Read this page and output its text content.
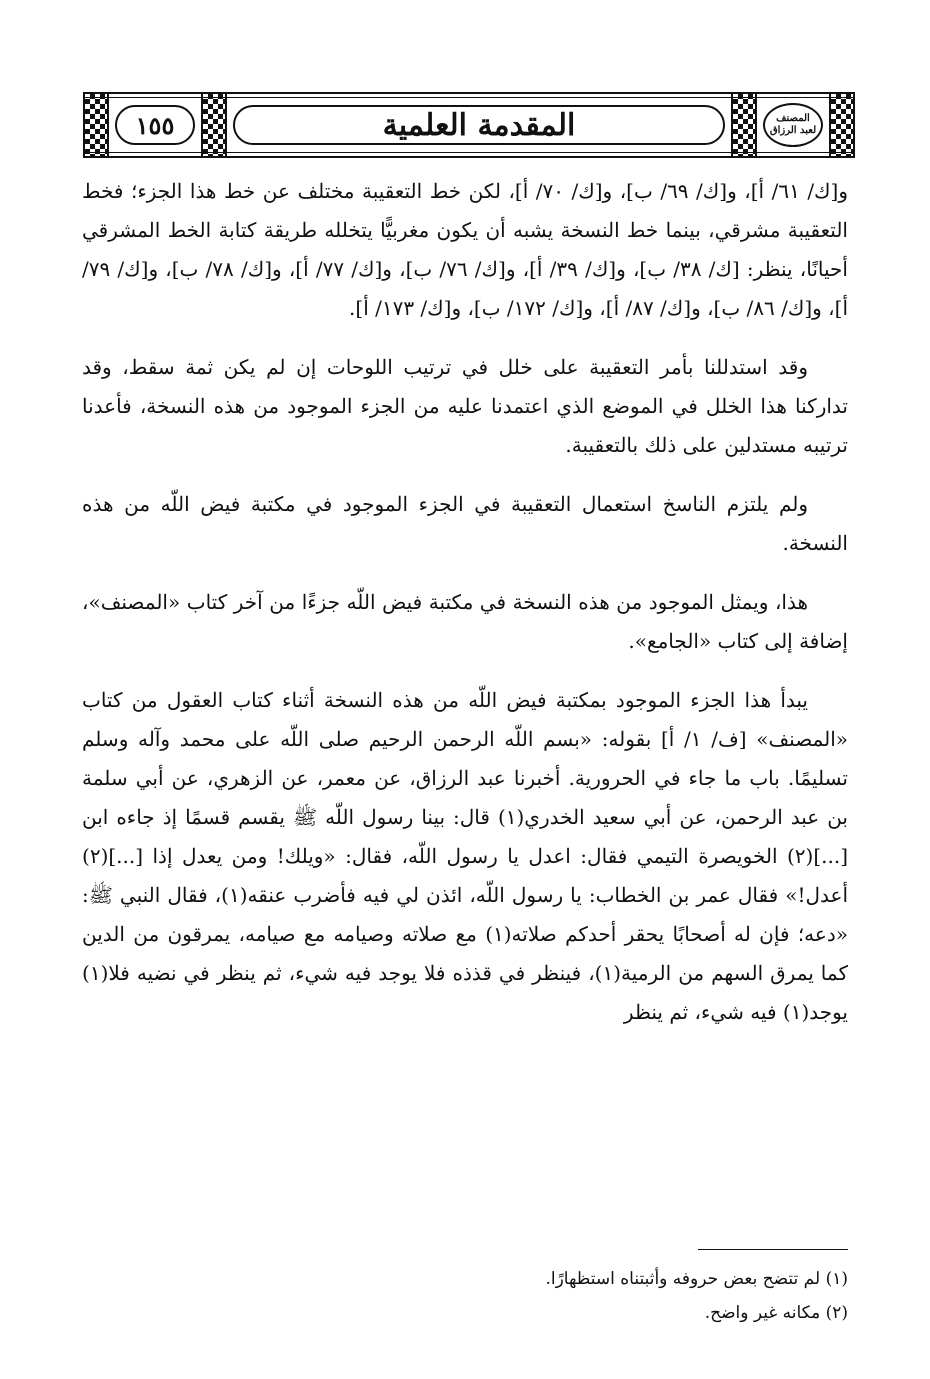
١٥٥	المقدمة العلمية	المصنف
لعبد الرزاق

و[ك/ ٦١/ أ]، و[ك/ ٦٩/ ب]، و[ك/ ٧٠/ أ]، لكن خط التعقيبة مختلف عن خط هذا الجزء؛ فخط التعقيبة مشرقي، بينما خط النسخة يشبه أن يكون مغربيًّا يتخلله طريقة كتابة الخط المشرقي أحيانًا، ينظر: [ك/ ٣٨/ ب]، و[ك/ ٣٩/ أ]، و[ك/ ٧٦/ ب]، و[ك/ ٧٧/ أ]، و[ك/ ٧٨/ ب]، و[ك/ ٧٩/ أ]، و[ك/ ٨٦/ ب]، و[ك/ ٨٧/ أ]، و[ك/ ١٧٢/ ب]، و[ك/ ١٧٣/ أ].

وقد استدللنا بأمر التعقيبة على خلل في ترتيب اللوحات إن لم يكن ثمة سقط، وقد تداركنا هذا الخلل في الموضع الذي اعتمدنا عليه من الجزء الموجود من هذه النسخة، فأعدنا ترتيبه مستدلين على ذلك بالتعقيبة.

ولم يلتزم الناسخ استعمال التعقيبة في الجزء الموجود في مكتبة فيض اللّه من هذه النسخة.

هذا، ويمثل الموجود من هذه النسخة في مكتبة فيض اللّه جزءًا من آخر كتاب «المصنف»، إضافة إلى كتاب «الجامع».

يبدأ هذا الجزء الموجود بمكتبة فيض اللّه من هذه النسخة أثناء كتاب العقول من كتاب «المصنف» [ف/ ١/ أ] بقوله: «بسم اللّه الرحمن الرحيم صلى اللّه على محمد وآله وسلم تسليمًا. باب ما جاء في الحرورية. أخبرنا عبد الرزاق، عن معمر، عن الزهري، عن أبي سلمة بن عبد الرحمن، عن أبي سعيد الخدري(١) قال: بينا رسول اللّه ﷺ يقسم قسمًا إذ جاءه ابن [...](٢) الخويصرة التيمي فقال: اعدل يا رسول اللّه، فقال: «ويلك! ومن يعدل إذا [...](٢) أعدل!» فقال عمر بن الخطاب: يا رسول اللّه، ائذن لي فيه فأضرب عنقه(١)، فقال النبي ﷺ: «دعه؛ فإن له أصحابًا يحقر أحدكم صلاته(١) مع صلاته وصيامه مع صيامه، يمرقون من الدين كما يمرق السهم من الرمية(١)، فينظر في قذذه فلا يوجد فيه شيء، ثم ينظر في نضيه فلا(١) يوجد(١) فيه شيء، ثم ينظر

(١) لم تتضح بعض حروفه وأثبتناه استظهارًا.
(٢) مكانه غير واضح.
